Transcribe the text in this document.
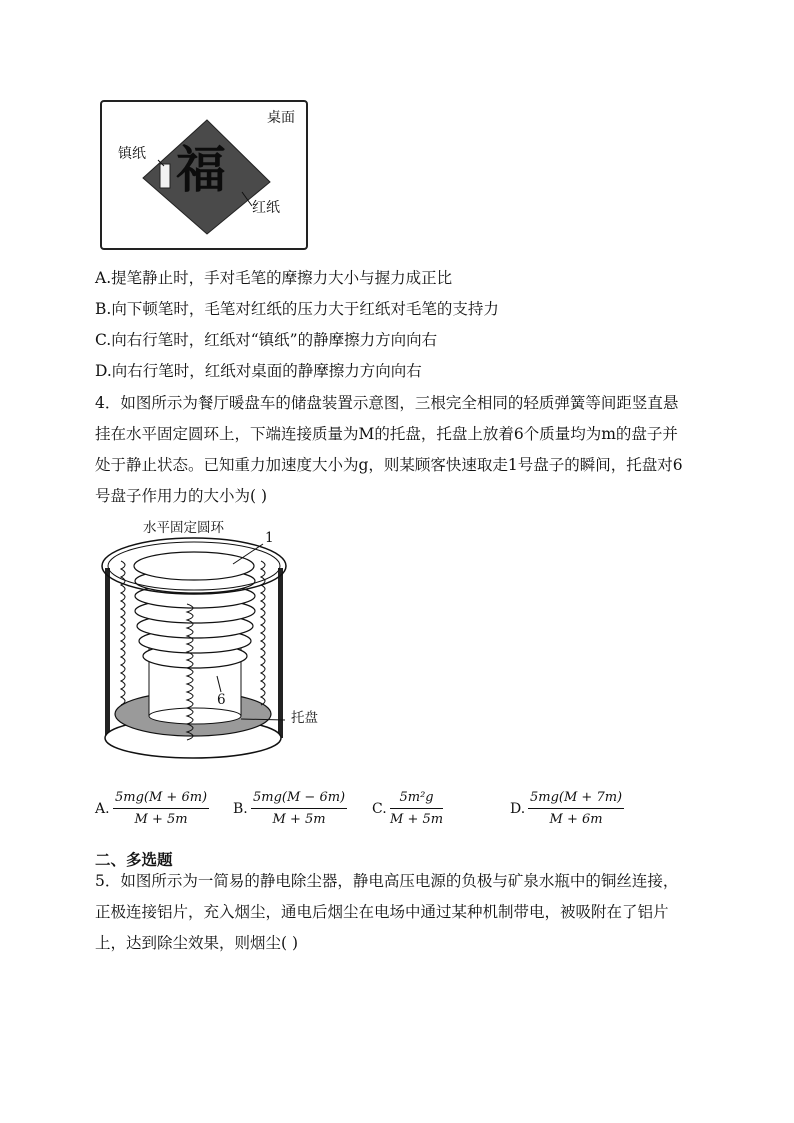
桌面
镇纸
红纸
福
A.提笔静止时，手对毛笔的摩擦力大小与握力成正比
B.向下顿笔时，毛笔对红纸的压力大于红纸对毛笔的支持力
C.向右行笔时，红纸对“镇纸”的静摩擦力方向向右
D.向右行笔时，红纸对桌面的静摩擦力方向向右
4．如图所示为餐厅暖盘车的储盘装置示意图，三根完全相同的轻质弹簧等间距竖直悬
挂在水平固定圆环上，下端连接质量为M的托盘，托盘上放着6个质量均为m的盘子并
处于静止状态。已知重力加速度大小为g，则某顾客快速取走1号盘子的瞬间，托盘对6
号盘子作用力的大小为( )
水平固定圆环
1
6
托盘
A. $\frac{5mg(M + 6m)}{M + 5m} B$. $\frac{5mg(M - 6m)}{M + 5m} C$. $\frac{\text{5m²g}}{M + 5m}$	D. $\frac{5mg(M + 7m)}{M + 6m}$
二、多选题
5．如图所示为一简易的静电除尘器，静电高压电源的负极与矿泉水瓶中的铜丝连接，
正极连接铝片，充入烟尘，通电后烟尘在电场中通过某种机制带电，被吸附在了铝片
上，达到除尘效果，则烟尘( )
